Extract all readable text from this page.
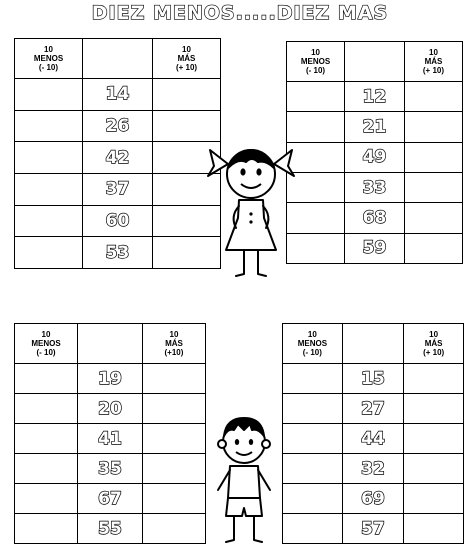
DIEZ MENOS.....DIEZ MAS
10
MENOS
(- 10)		10
MÁS
(+ 10)
	14	
	26	
	42	
	37	
	60	
	53	
10
MENOS
(- 10)		10
MÁS
(+ 10)
	12	
	21	
	49	
	33	
	68	
	59	
10
MENOS
(- 10)		10
MÁS
(+10)
	19	
	20	
	41	
	35	
	67	
	55	
10
MENOS
(- 10)		10
MÁS
(+ 10)
	15	
	27	
	44	
	32	
	69	
	57	
